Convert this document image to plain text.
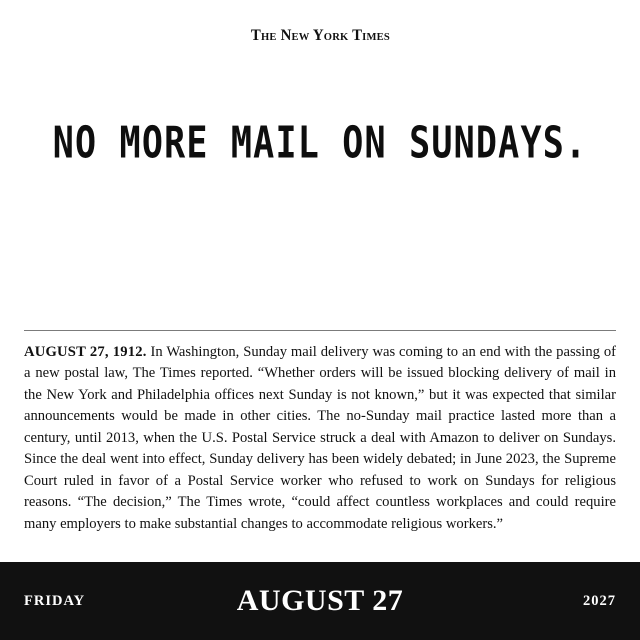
The New York Times
NO MORE MAIL ON SUNDAYS.

AUGUST 27, 1912. In Washington, Sunday mail delivery was coming to an end with the passing of a new postal law, The Times reported. “Whether orders will be issued blocking delivery of mail in the New York and Philadelphia offices next Sunday is not known,” but it was expected that similar announcements would be made in other cities. The no-Sunday mail practice lasted more than a century, until 2013, when the U.S. Postal Service struck a deal with Amazon to deliver on Sundays. Since the deal went into effect, Sunday delivery has been widely debated; in June 2023, the Supreme Court ruled in favor of a Postal Service worker who refused to work on Sundays for religious reasons. “The decision,” The Times wrote, “could affect countless workplaces and could require many employers to make substantial changes to accommodate religious workers.”

FRIDAY	AUGUST 27	2027
